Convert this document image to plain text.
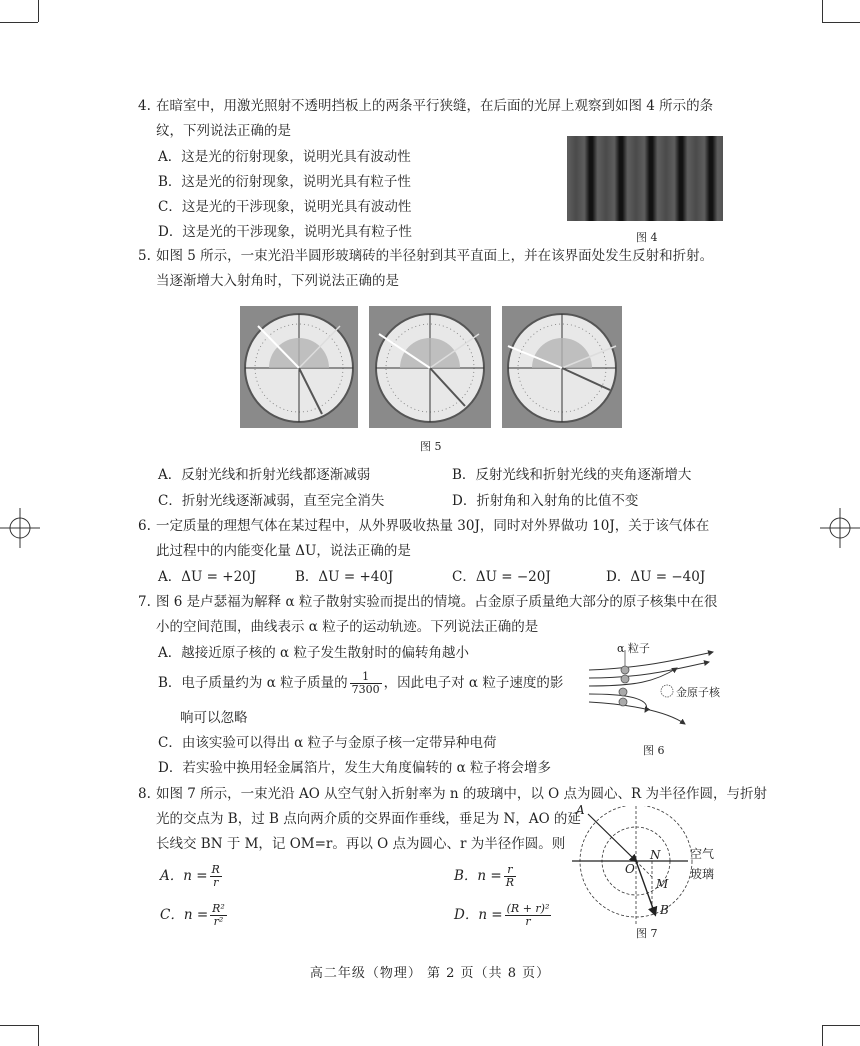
4. 在暗室中，用激光照射不透明挡板上的两条平行狭缝，在后面的光屏上观察到如图 4 所示的条
纹，下列说法正确的是
A．这是光的衍射现象，说明光具有波动性
B．这是光的衍射现象，说明光具有粒子性
C．这是光的干涉现象，说明光具有波动性
D．这是光的干涉现象，说明光具有粒子性	图 4
5. 如图 5 所示，一束光沿半圆形玻璃砖的半径射到其平直面上，并在该界面处发生反射和折射。
当逐渐增大入射角时，下列说法正确的是
图 5
A．反射光线和折射光线都逐渐减弱	B．反射光线和折射光线的夹角逐渐增大
C．折射光线逐渐减弱，直至完全消失	D．折射角和入射角的比值不变
6. 一定质量的理想气体在某过程中，从外界吸收热量 30J，同时对外界做功 10J，关于该气体在
此过程中的内能变化量 ΔU，说法正确的是
A．ΔU = +20J	B．ΔU = +40J	C．ΔU = −20J	D．ΔU = −40J
7. 图 6 是卢瑟福为解释 α 粒子散射实验而提出的情境。占金原子质量绝大部分的原子核集中在很
小的空间范围，曲线表示 α 粒子的运动轨迹。下列说法正确的是
A．越接近原子核的 α 粒子发生散射时的偏转角越小
B．电子质量约为 α 粒子质量的 $\frac{1}{7300}$ ，因此电子对 α 粒子速度的影
响可以忽略
C．由该实验可以得出 α 粒子与金原子核一定带异种电荷
D．若实验中换用轻金属箔片，发生大角度偏转的 α 粒子将会增多
α 粒子
金原子核
图 6
8. 如图 7 所示，一束光沿 AO 从空气射入折射率为 n 的玻璃中，以 O 点为圆心、R 为半径作圆，与折射
光的交点为 B，过 B 点向两介质的交界面作垂线，垂足为 N，AO 的延
长线交 BN 于 M，记 OM=r。再以 O 点为圆心、r 为半径作圆。则
A．$n = \frac{R}{r}$	B．$n = \frac{r}{R}$
C．$n = \frac{\text{R²}}{\text{r²}}$	D．$n = \frac{\text{(R + r)²}}{r}$
A
O
N
M
B
空气
玻璃
图 7
高二年级（物理） 第 2 页（共 8 页）
